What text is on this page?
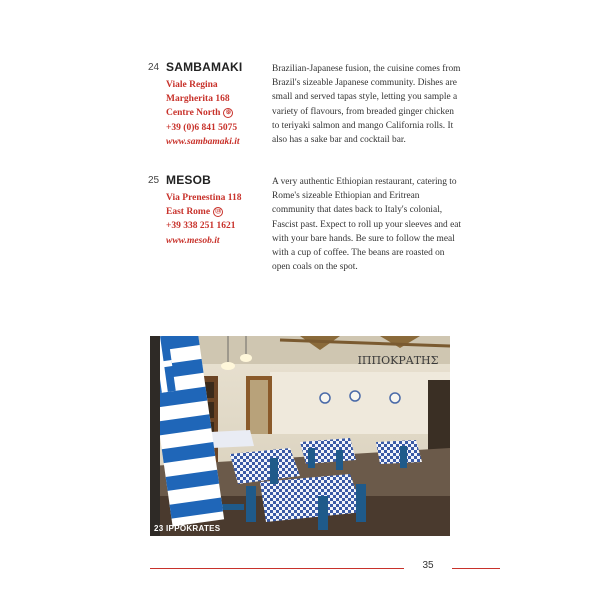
24 SAMBAMAKI
Viale Regina
Margherita 168
Centre North ⑨
+39 (0)6 841 5075
www.sambamaki.it
Brazilian-Japanese fusion, the cuisine comes from Brazil's sizeable Japanese community. Dishes are small and served tapas style, letting you sample a variety of flavours, from breaded ginger chicken to teriyaki salmon and mango California rolls. It also has a sake bar and cocktail bar.
25 MESOB
Via Prenestina 118
East Rome ⑬
+39 338 251 1621
www.mesob.it
A very authentic Ethiopian restaurant, catering to Rome's sizeable Ethiopian and Eritrean community that dates back to Italy's colonial, Fascist past. Expect to roll up your sleeves and eat with your bare hands. Be sure to follow the meal with a cup of coffee. The beans are roasted on open coals on the spot.
ΙΠΠΟΚΡΑΤΗΣ
23 IPPOKRATES
35
